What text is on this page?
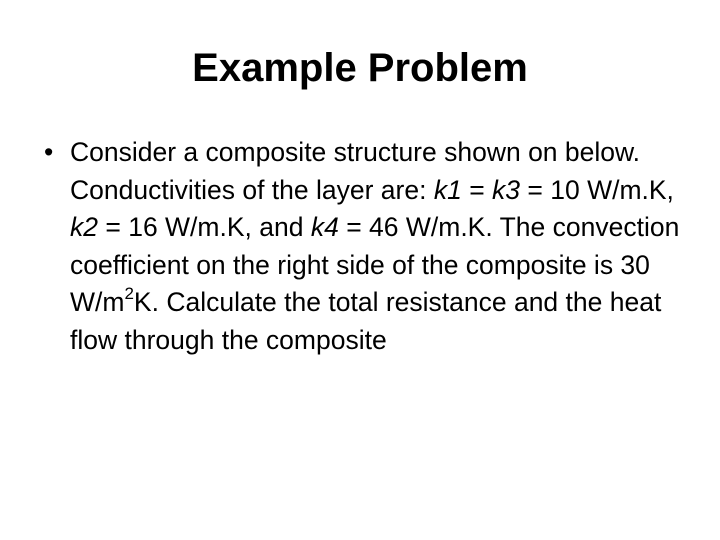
Example Problem

• Consider a composite structure shown on below. Conductivities of the layer are: k1 = k3 = 10 W/m.K, k2 = 16 W/m.K, and k4 = 46 W/m.K. The convection coefficient on the right side of the composite is 30 $W/m^2K$. Calculate the total resistance and the heat flow through the composite
